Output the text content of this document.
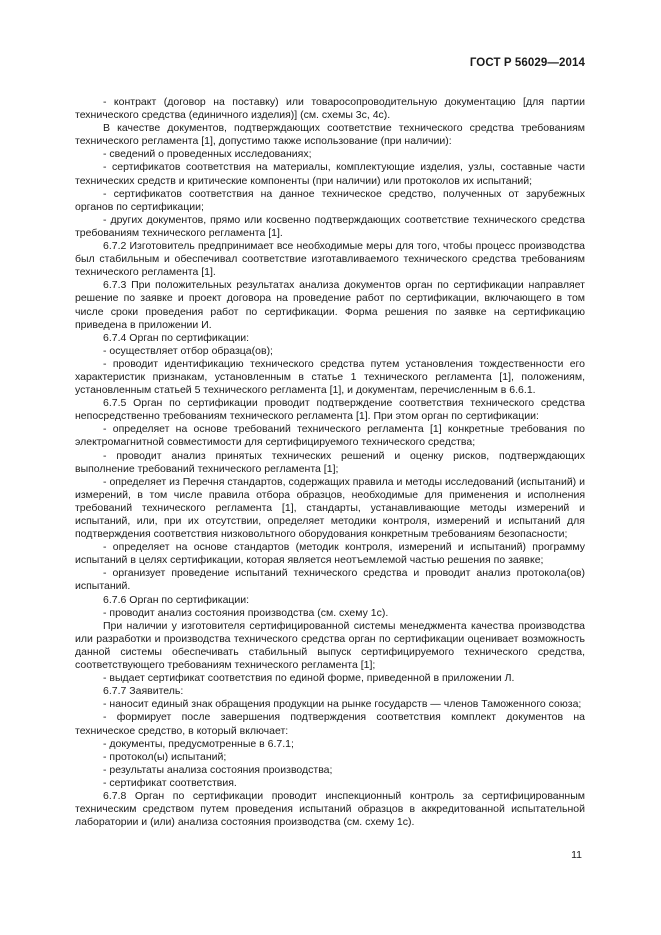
ГОСТ Р 56029—2014

- контракт (договор на поставку) или товаросопроводительную документацию [для партии технического средства (единичного изделия)] (см. схемы 3с, 4с).

В качестве документов, подтверждающих соответствие технического средства требованиям технического регламента [1], допустимо также использование (при наличии):

- сведений о проведенных исследованиях;

- сертификатов соответствия на материалы, комплектующие изделия, узлы, составные части технических средств и критические компоненты (при наличии) или протоколов их испытаний;

- сертификатов соответствия на данное техническое средство, полученных от зарубежных органов по сертификации;

- других документов, прямо или косвенно подтверждающих соответствие технического средства требованиям технического регламента [1].

6.7.2 Изготовитель предпринимает все необходимые меры для того, чтобы процесс производства был стабильным и обеспечивал соответствие изготавливаемого технического средства требованиям технического регламента [1].

6.7.3 При положительных результатах анализа документов орган по сертификации направляет решение по заявке и проект договора на проведение работ по сертификации, включающего в том числе сроки проведения работ по сертификации. Форма решения по заявке на сертификацию приведена в приложении И.

6.7.4 Орган по сертификации:

- осуществляет отбор образца(ов);

- проводит идентификацию технического средства путем установления тождественности его характеристик признакам, установленным в статье 1 технического регламента [1], положениям, установленным статьей 5 технического регламента [1], и документам, перечисленным в 6.6.1.

6.7.5 Орган по сертификации проводит подтверждение соответствия технического средства непосредственно требованиям технического регламента [1]. При этом орган по сертификации:

- определяет на основе требований технического регламента [1] конкретные требования по электромагнитной совместимости для сертифицируемого технического средства;

- проводит анализ принятых технических решений и оценку рисков, подтверждающих выполнение требований технического регламента [1];

- определяет из Перечня стандартов, содержащих правила и методы исследований (испытаний) и измерений, в том числе правила отбора образцов, необходимые для применения и исполнения требований технического регламента [1], стандарты, устанавливающие методы измерений и испытаний, или, при их отсутствии, определяет методики контроля, измерений и испытаний для подтверждения соответствия низковольтного оборудования конкретным требованиям безопасности;

- определяет на основе стандартов (методик контроля, измерений и испытаний) программу испытаний в целях сертификации, которая является неотъемлемой частью решения по заявке;

- организует проведение испытаний технического средства и проводит анализ протокола(ов) испытаний.

6.7.6 Орган по сертификации:

- проводит анализ состояния производства (см. схему 1с).

При наличии у изготовителя сертифицированной системы менеджмента качества производства или разработки и производства технического средства орган по сертификации оценивает возможность данной системы обеспечивать стабильный выпуск сертифицируемого технического средства, соответствующего требованиям технического регламента [1];

- выдает сертификат соответствия по единой форме, приведенной в приложении Л.

6.7.7 Заявитель:

- наносит единый знак обращения продукции на рынке государств — членов Таможенного союза;

- формирует после завершения подтверждения соответствия комплект документов на техническое средство, в который включает:

- документы, предусмотренные в 6.7.1;

- протокол(ы) испытаний;

- результаты анализа состояния производства;

- сертификат соответствия.

6.7.8 Орган по сертификации проводит инспекционный контроль за сертифицированным техническим средством путем проведения испытаний образцов в аккредитованной испытательной лаборатории и (или) анализа состояния производства (см. схему 1с).

11
